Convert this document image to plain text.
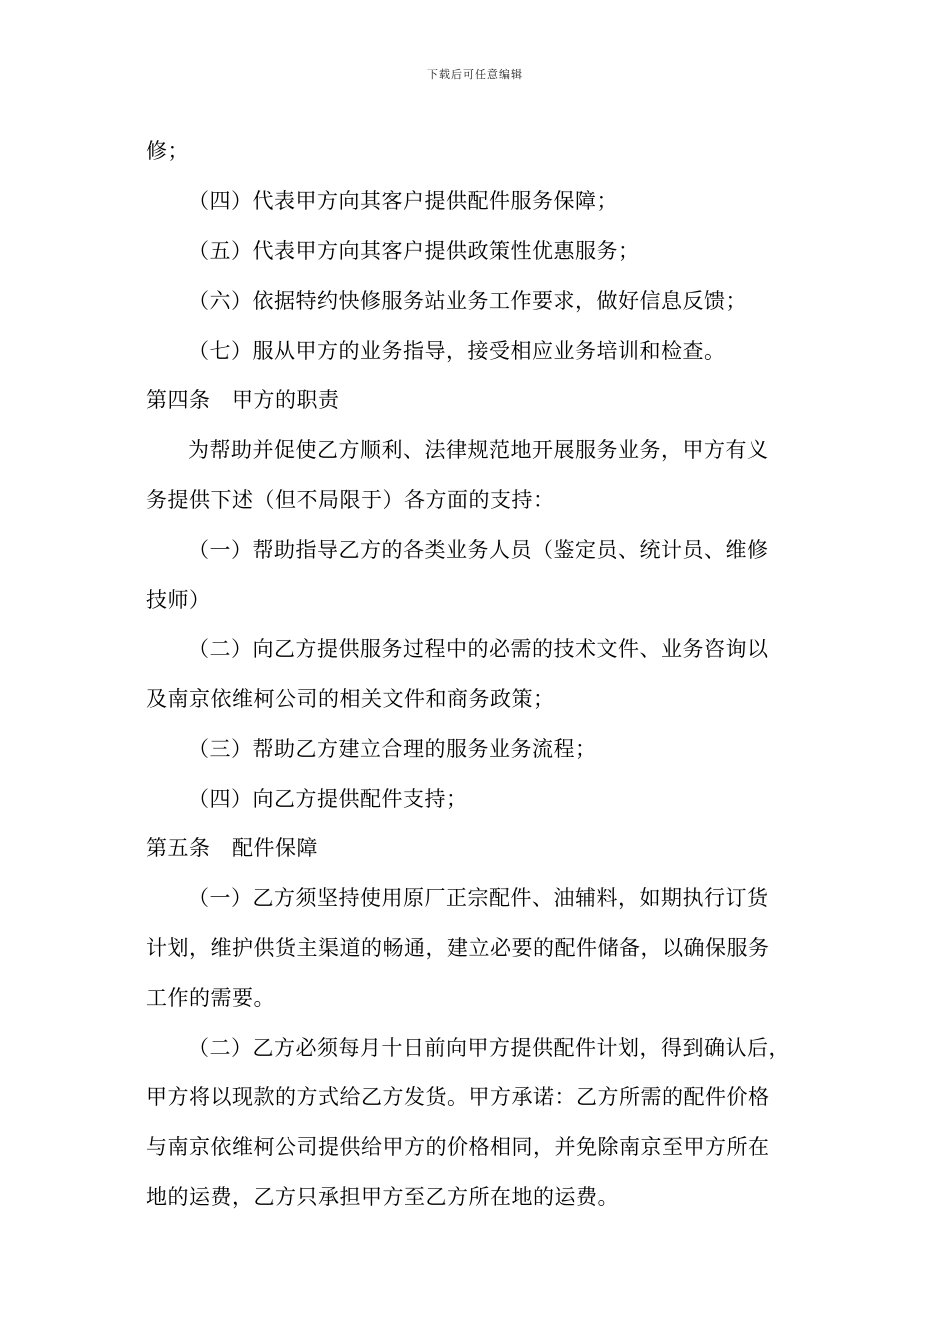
下载后可任意编辑
修；
（四）代表甲方向其客户提供配件服务保障；
（五）代表甲方向其客户提供政策性优惠服务；
（六）依据特约快修服务站业务工作要求，做好信息反馈；
（七）服从甲方的业务指导，接受相应业务培训和检查。
第四条　甲方的职责
为帮助并促使乙方顺利、法律规范地开展服务业务，甲方有义
务提供下述（但不局限于）各方面的支持：
（一）帮助指导乙方的各类业务人员（鉴定员、统计员、维修
技师）
（二）向乙方提供服务过程中的必需的技术文件、业务咨询以
及南京依维柯公司的相关文件和商务政策；
（三）帮助乙方建立合理的服务业务流程；
（四）向乙方提供配件支持；
第五条　配件保障
（一）乙方须坚持使用原厂正宗配件、油辅料，如期执行订货
计划，维护供货主渠道的畅通，建立必要的配件储备，以确保服务
工作的需要。
（二）乙方必须每月十日前向甲方提供配件计划，得到确认后，
甲方将以现款的方式给乙方发货。甲方承诺：乙方所需的配件价格
与南京依维柯公司提供给甲方的价格相同，并免除南京至甲方所在
地的运费，乙方只承担甲方至乙方所在地的运费。
